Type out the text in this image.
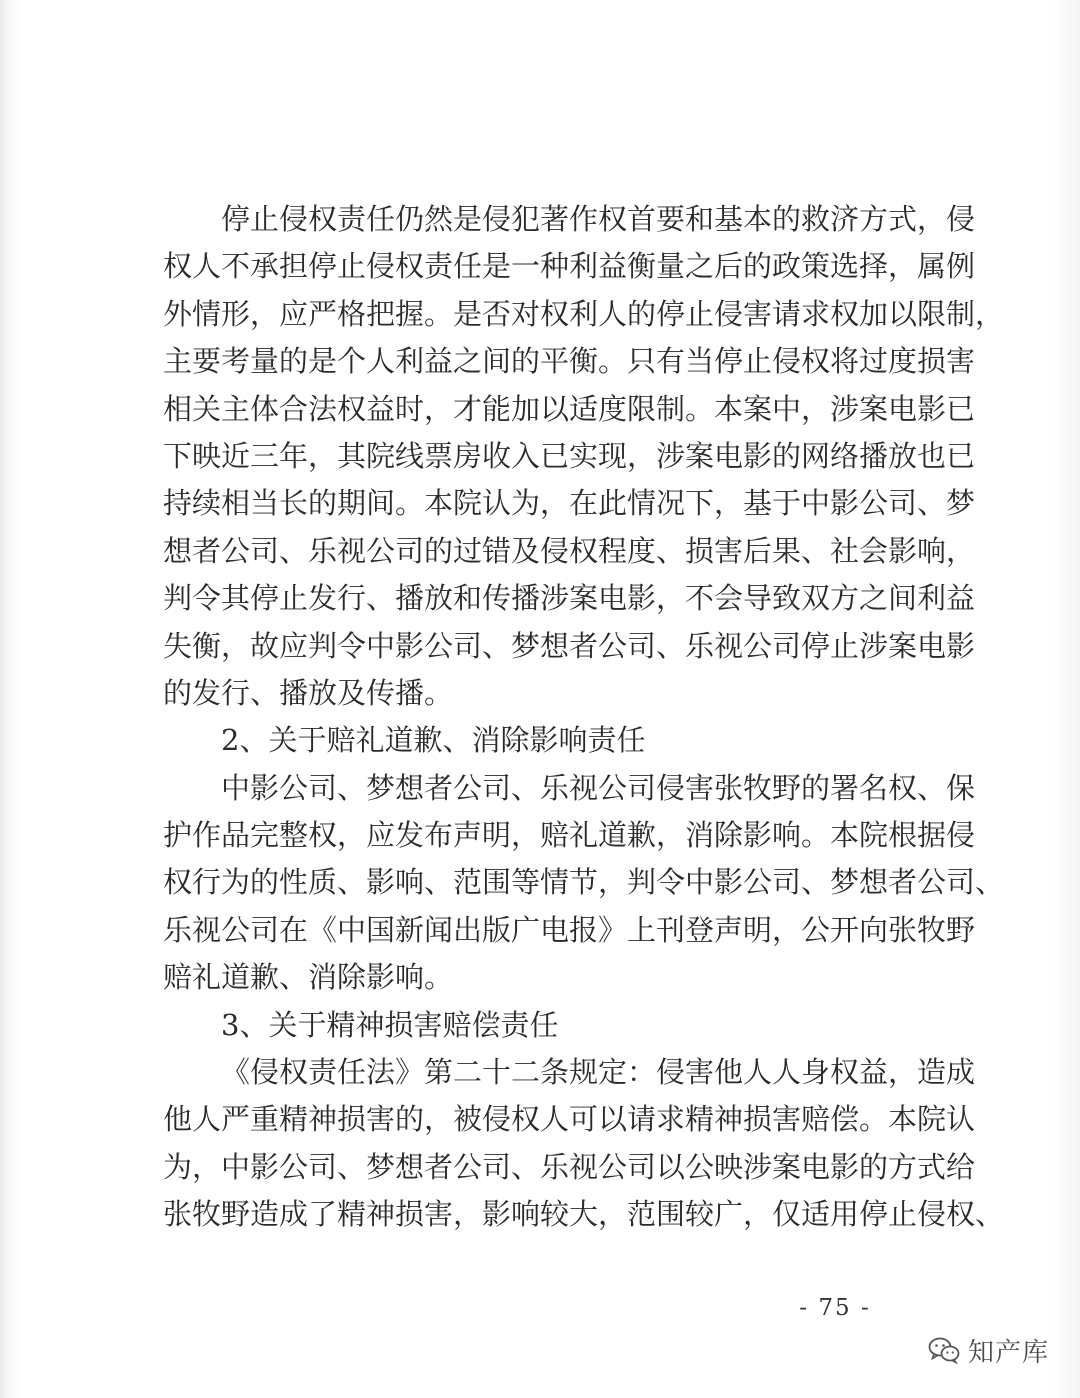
停止侵权责任仍然是侵犯著作权首要和基本的救济方式，侵
权人不承担停止侵权责任是一种利益衡量之后的政策选择，属例
外情形，应严格把握。是否对权利人的停止侵害请求权加以限制，
主要考量的是个人利益之间的平衡。只有当停止侵权将过度损害
相关主体合法权益时，才能加以适度限制。本案中，涉案电影已
下映近三年，其院线票房收入已实现，涉案电影的网络播放也已
持续相当长的期间。本院认为，在此情况下，基于中影公司、梦
想者公司、乐视公司的过错及侵权程度、损害后果、社会影响，
判令其停止发行、播放和传播涉案电影，不会导致双方之间利益
失衡，故应判令中影公司、梦想者公司、乐视公司停止涉案电影
的发行、播放及传播。
2、关于赔礼道歉、消除影响责任
中影公司、梦想者公司、乐视公司侵害张牧野的署名权、保
护作品完整权，应发布声明，赔礼道歉，消除影响。本院根据侵
权行为的性质、影响、范围等情节，判令中影公司、梦想者公司、
乐视公司在《中国新闻出版广电报》上刊登声明，公开向张牧野
赔礼道歉、消除影响。
3、关于精神损害赔偿责任
《侵权责任法》第二十二条规定：侵害他人人身权益，造成
他人严重精神损害的，被侵权人可以请求精神损害赔偿。本院认
为，中影公司、梦想者公司、乐视公司以公映涉案电影的方式给
张牧野造成了精神损害，影响较大，范围较广，仅适用停止侵权、
- 75 -
知产库
